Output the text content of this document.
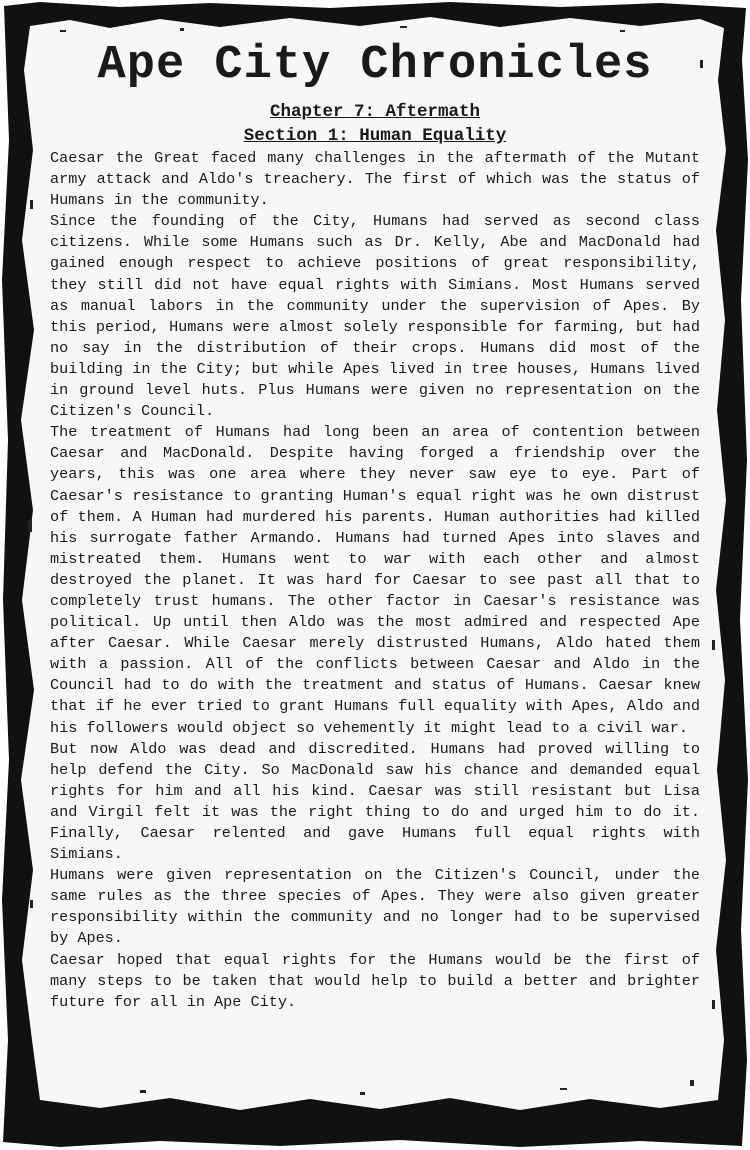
Ape City Chronicles

Chapter 7: Aftermath

Section 1: Human Equality

Caesar the Great faced many challenges in the aftermath of the Mutant army attack and Aldo's treachery. The first of which was the status of Humans in the community.

Since the founding of the City, Humans had served as second class citizens. While some Humans such as Dr. Kelly, Abe and MacDonald had gained enough respect to achieve positions of great responsibility, they still did not have equal rights with Simians. Most Humans served as manual labors in the community under the supervision of Apes. By this period, Humans were almost solely responsible for farming, but had no say in the distribution of their crops. Humans did most of the building in the City; but while Apes lived in tree houses, Humans lived in ground level huts. Plus Humans were given no representation on the Citizen's Council.

The treatment of Humans had long been an area of contention between Caesar and MacDonald. Despite having forged a friendship over the years, this was one area where they never saw eye to eye. Part of Caesar's resistance to granting Human's equal right was he own distrust of them. A Human had murdered his parents. Human authorities had killed his surrogate father Armando. Humans had turned Apes into slaves and mistreated them. Humans went to war with each other and almost destroyed the planet. It was hard for Caesar to see past all that to completely trust humans. The other factor in Caesar's resistance was political. Up until then Aldo was the most admired and respected Ape after Caesar. While Caesar merely distrusted Humans, Aldo hated them with a passion. All of the conflicts between Caesar and Aldo in the Council had to do with the treatment and status of Humans. Caesar knew that if he ever tried to grant Humans full equality with Apes, Aldo and his followers would object so vehemently it might lead to a civil war.

But now Aldo was dead and discredited. Humans had proved willing to help defend the City. So MacDonald saw his chance and demanded equal rights for him and all his kind. Caesar was still resistant but Lisa and Virgil felt it was the right thing to do and urged him to do it. Finally, Caesar relented and gave Humans full equal rights with Simians.

Humans were given representation on the Citizen's Council, under the same rules as the three species of Apes. They were also given greater responsibility within the community and no longer had to be supervised by Apes.

Caesar hoped that equal rights for the Humans would be the first of many steps to be taken that would help to build a better and brighter future for all in Ape City.
